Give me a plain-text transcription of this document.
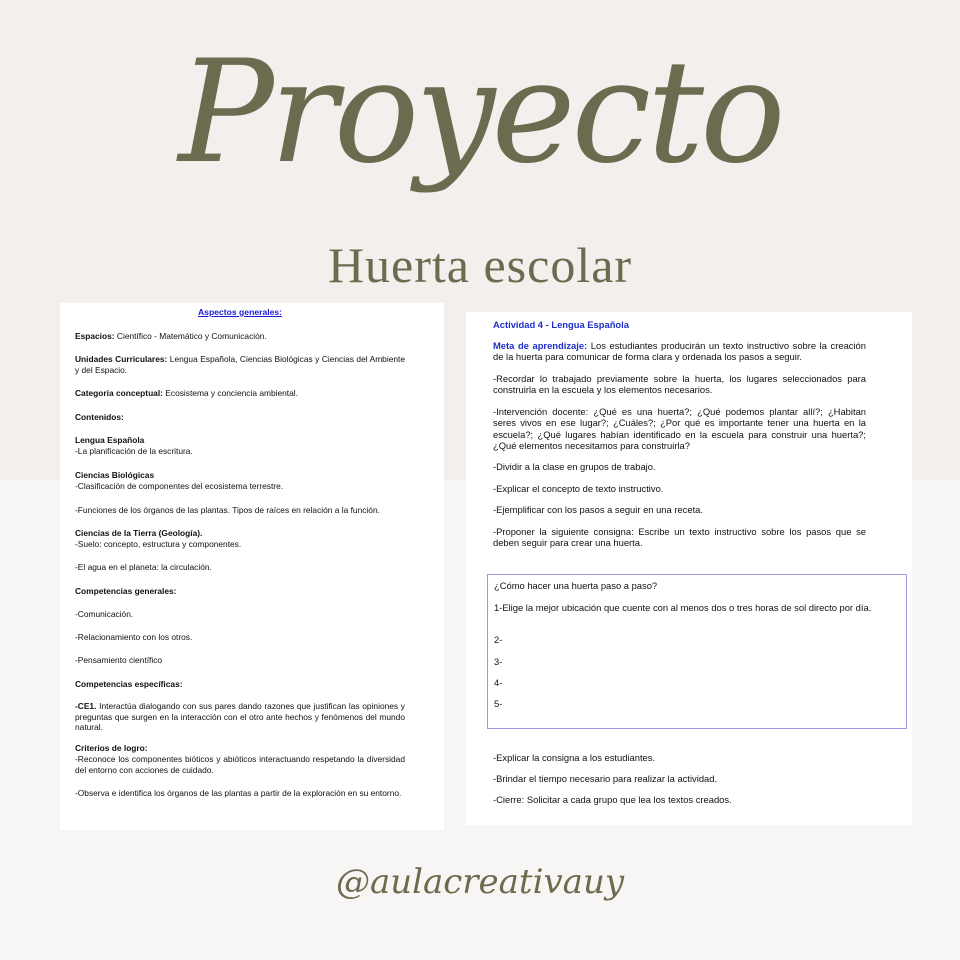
Proyecto
Huerta escolar
Aspectos generales:

Espacios: Científico - Matemático y Comunicación.

Unidades Curriculares: Lengua Española, Ciencias Biológicas y Ciencias del Ambiente y del Espacio.

Categoría conceptual: Ecosistema y conciencia ambiental.

Contenidos:

Lengua Española

-La planificación de la escritura.

Ciencias Biológicas

-Clasificación de componentes del ecosistema terrestre.

-Funciones de los órganos de las plantas. Tipos de raíces en relación a la función.

Ciencias de la Tierra (Geología).

-Suelo: concepto, estructura y componentes.

-El agua en el planeta: la circulación.

Competencias generales:

-Comunicación.

-Relacionamiento con los otros.

-Pensamiento científico

Competencias específicas:

-CE1. Interactúa dialogando con sus pares dando razones que justifican las opiniones y preguntas que surgen en la interacción con el otro ante hechos y fenómenos del mundo natural.

Criterios de logro:

-Reconoce los componentes bióticos y abióticos interactuando respetando la diversidad del entorno con acciones de cuidado.

-Observa e identifica los órganos de las plantas a partir de la exploración en su entorno.

Actividad 4 - Lengua Española

Meta de aprendizaje: Los estudiantes producirán un texto instructivo sobre la creación de la huerta para comunicar de forma clara y ordenada los pasos a seguir.

-Recordar lo trabajado previamente sobre la huerta, los lugares seleccionados para construirla en la escuela y los elementos necesarios.

-Intervención docente: ¿Qué es una huerta?; ¿Qué podemos plantar allí?; ¿Habitan seres vivos en ese lugar?; ¿Cuáles?; ¿Por qué es importante tener una huerta en la escuela?; ¿Qué lugares habían identificado en la escuela para construir una huerta?; ¿Qué elementos necesitamos para construirla?

-Dividir a la clase en grupos de trabajo.

-Explicar el concepto de texto instructivo.

-Ejemplificar con los pasos a seguir en una receta.

-Proponer la siguiente consigna: Escribe un texto instructivo sobre los pasos que se deben seguir para crear una huerta.

-Explicar la consigna a los estudiantes.

-Brindar el tiempo necesario para realizar la actividad.

-Cierre: Solicitar a cada grupo que lea los textos creados.

¿Cómo hacer una huerta paso a paso?

1-Elige la mejor ubicación que cuente con al menos dos o tres horas de sol directo por día.

2-

3-

4-

5-

@aulacreativauy
